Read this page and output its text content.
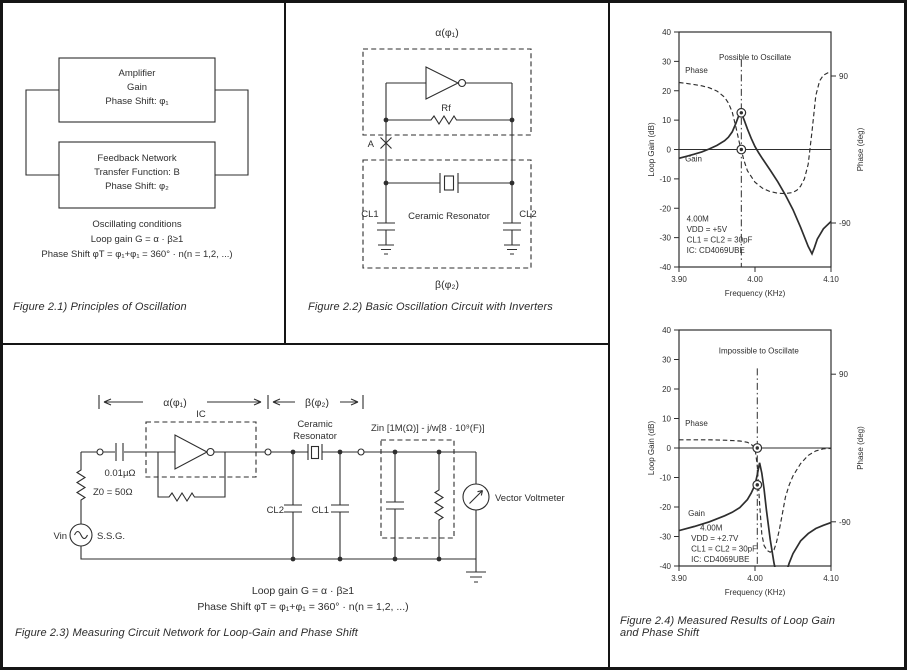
Amplifier
Gain
Phase Shift: φ₁
Feedback Network
Transfer Function: Β
Phase Shift: φ₂
Oscillating conditions
Loop gain G = α · β≥1
Phase Shift φT = φ₁+φ₁ = 360° · n(n = 1,2, ...)
Figure 2.1) Principles of Oscillation
α(φ₁)
Rf
A
Ceramic Resonator
CL1	CL2
β(φ₂)
Figure 2.2) Basic Oscillation Circuit with Inverters
α(φ₁)	β(φ₂)
0.01μΩ
IC
Z0 = 50Ω
Vin	S.S.G.
Ceramic
Resonator
CL2	CL1
Zin [1M(Ω)] - j/w[8 · 10⁹(F)]
Vector Voltmeter
Loop gain G = α · β≥1
Phase Shift φT = φ₁+φ₁ = 360° · n(n = 1,2, ...)
Figure 2.3) Measuring Circuit Network for Loop-Gain and Phase Shift
40
30
20
10
0
-10
-20
-30
-40
90
-90
3.90	4.00	4.10
Frequency (KHz)
Loop Gain (dB)	Phase (deg)
Possible to Oscillate
Phase
Gain
4.00M
VDD = +5V
CL1 = CL2 = 30pF
IC: CD4069UBE
40
30
20
10
0
-10
-20
-30
-40
90
-90
3.90	4.00	4.10
Frequency (KHz)
Loop Gain (dB)	Phase (deg)
Impossible to Oscillate
Phase
Gain
4.00M
VDD = +2.7V
CL1 = CL2 = 30pF
IC: CD4069UBE
Figure 2.4) Measured Results of Loop Gain
and Phase Shift
